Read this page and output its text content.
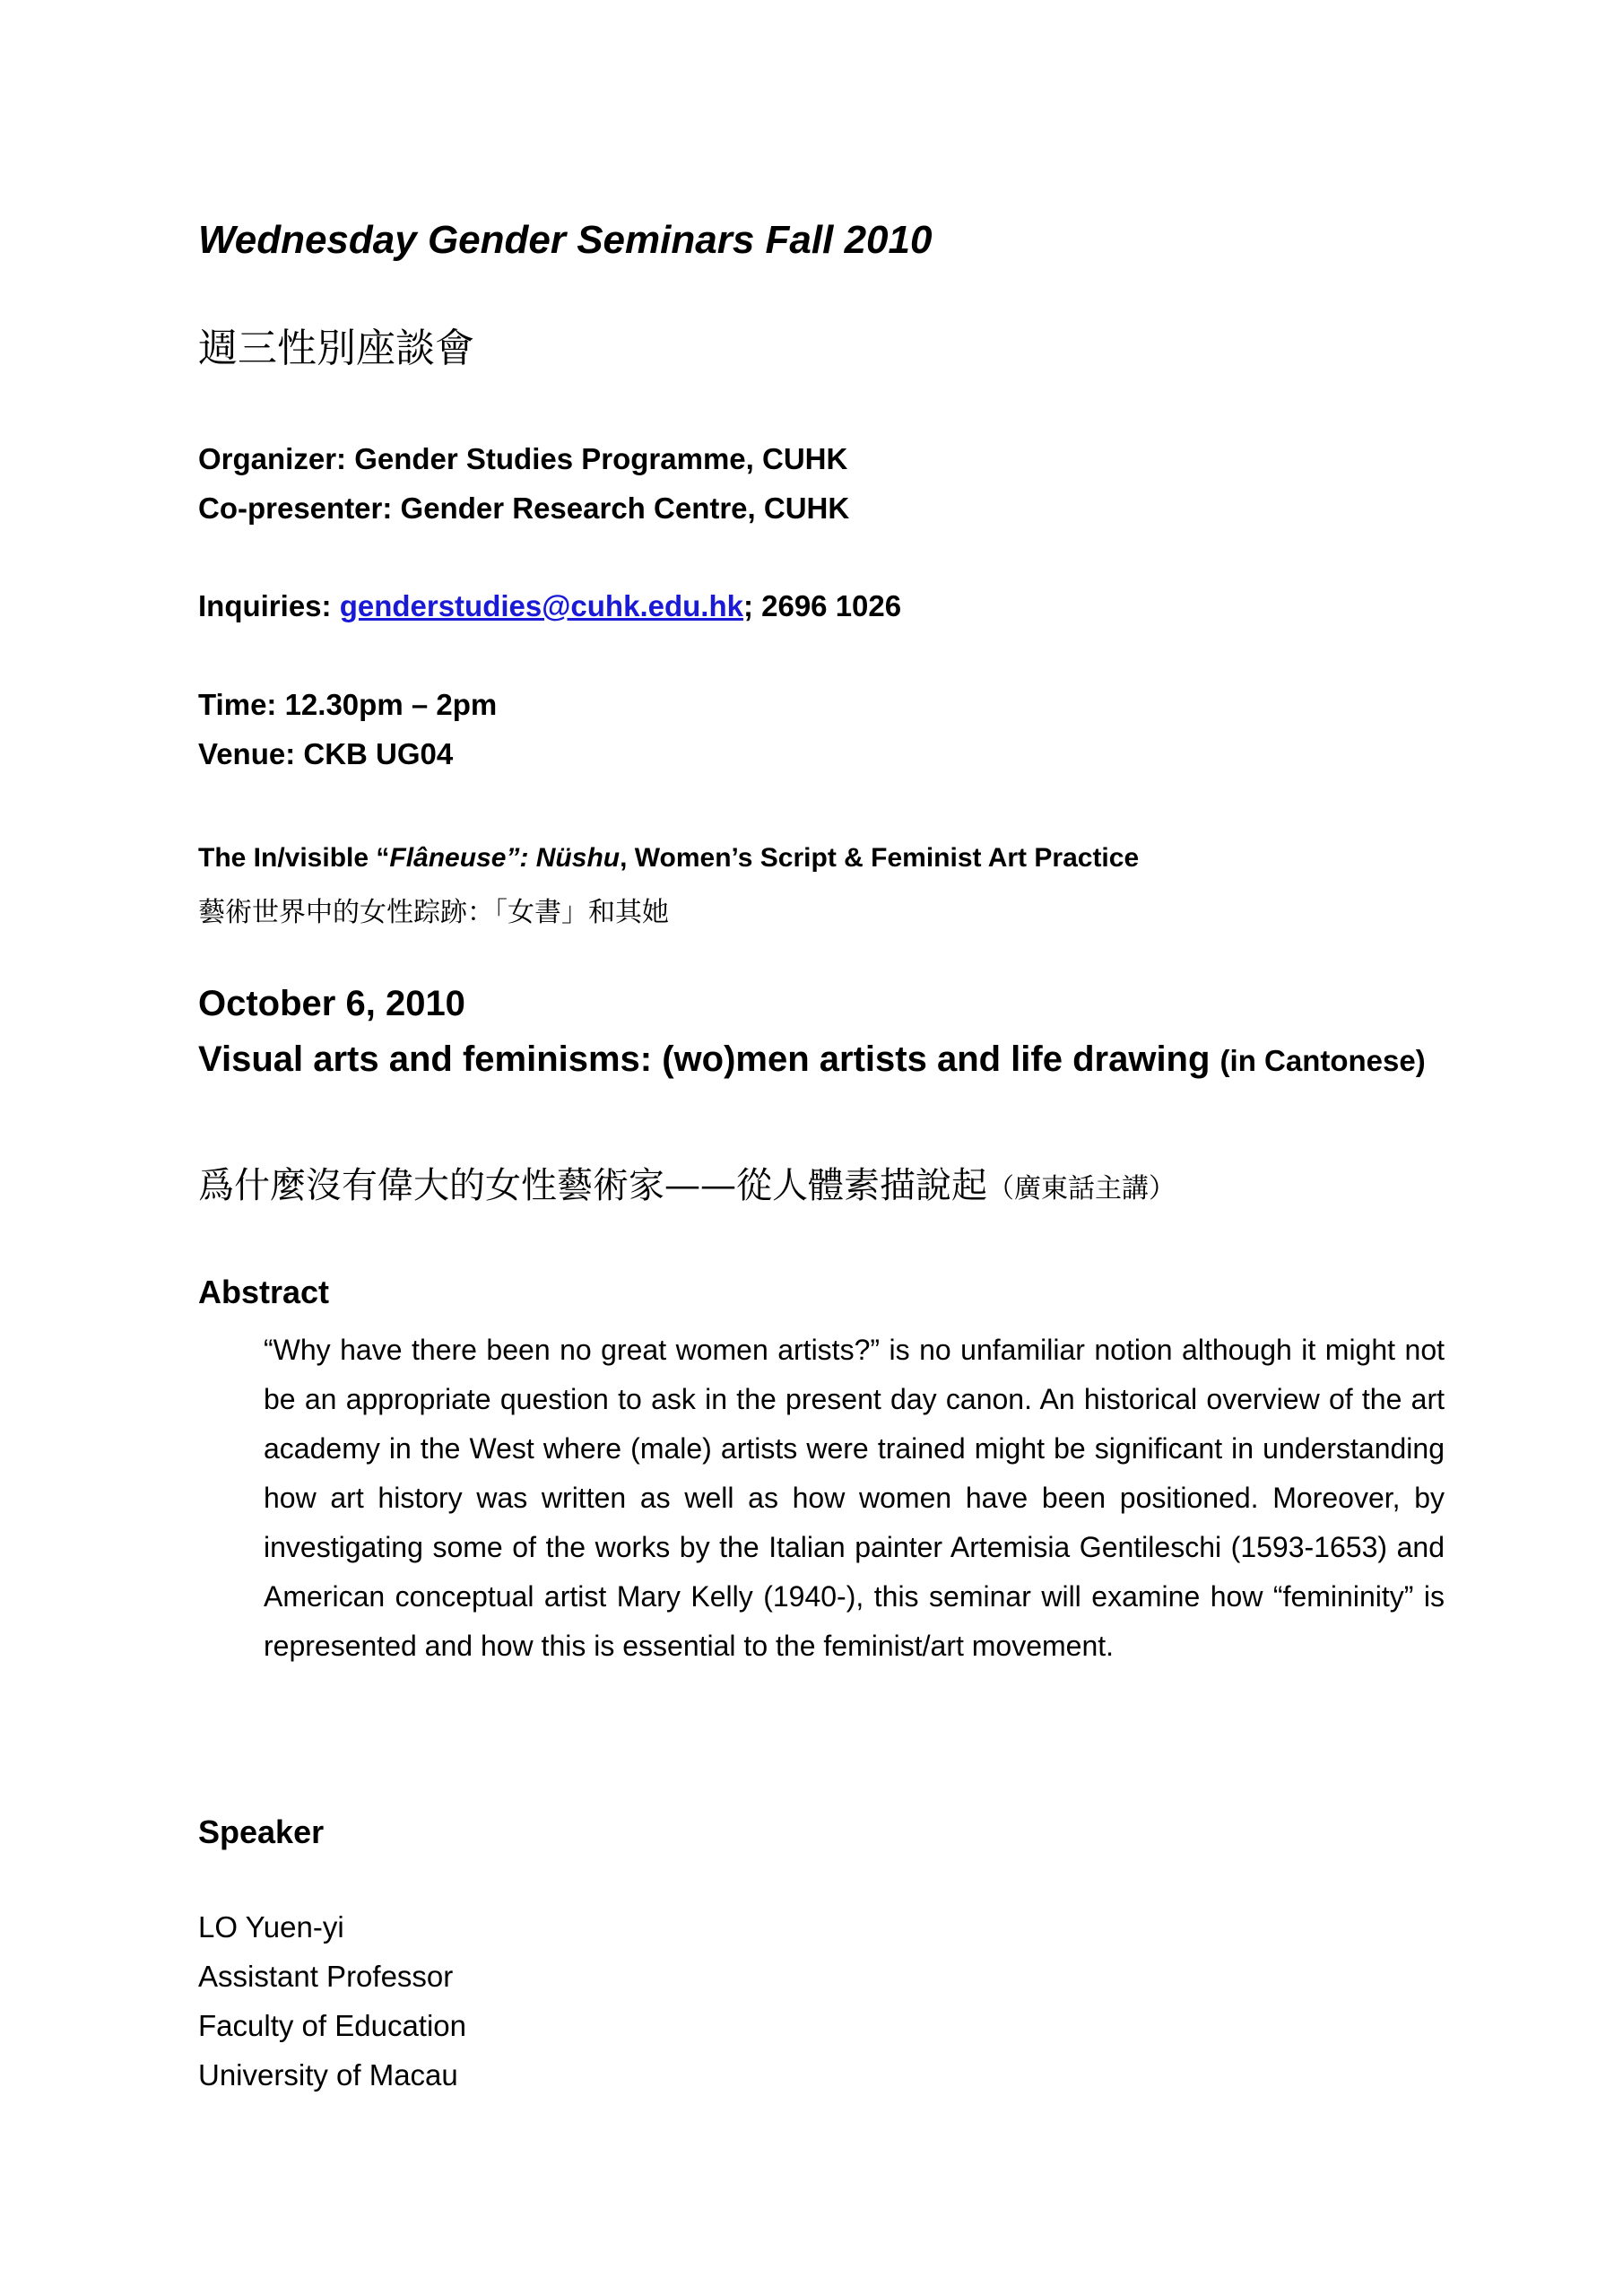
Wednesday Gender Seminars Fall 2010
週三性別座談會
Organizer: Gender Studies Programme, CUHK
Co-presenter: Gender Research Centre, CUHK
Inquiries: genderstudies@cuhk.edu.hk; 2696 1026
Time: 12.30pm – 2pm
Venue: CKB UG04
The In/visible “Flâneuse”: Nüshu, Women’s Script & Feminist Art Practice
藝術世界中的女性踪跡：「女書」和其她
October 6, 2010
Visual arts and feminisms: (wo)men artists and life drawing (in Cantonese)
爲什麼沒有偉大的女性藝術家——從人體素描說起（廣東話主講）
Abstract
“Why have there been no great women artists?” is no unfamiliar notion although it might not be an appropriate question to ask in the present day canon. An historical overview of the art academy in the West where (male) artists were trained might be significant in understanding how art history was written as well as how women have been positioned. Moreover, by investigating some of the works by the Italian painter Artemisia Gentileschi (1593-1653) and American conceptual artist Mary Kelly (1940-), this seminar will examine how “femininity” is represented and how this is essential to the feminist/art movement.
Speaker
LO Yuen-yi
Assistant Professor
Faculty of Education
University of Macau
